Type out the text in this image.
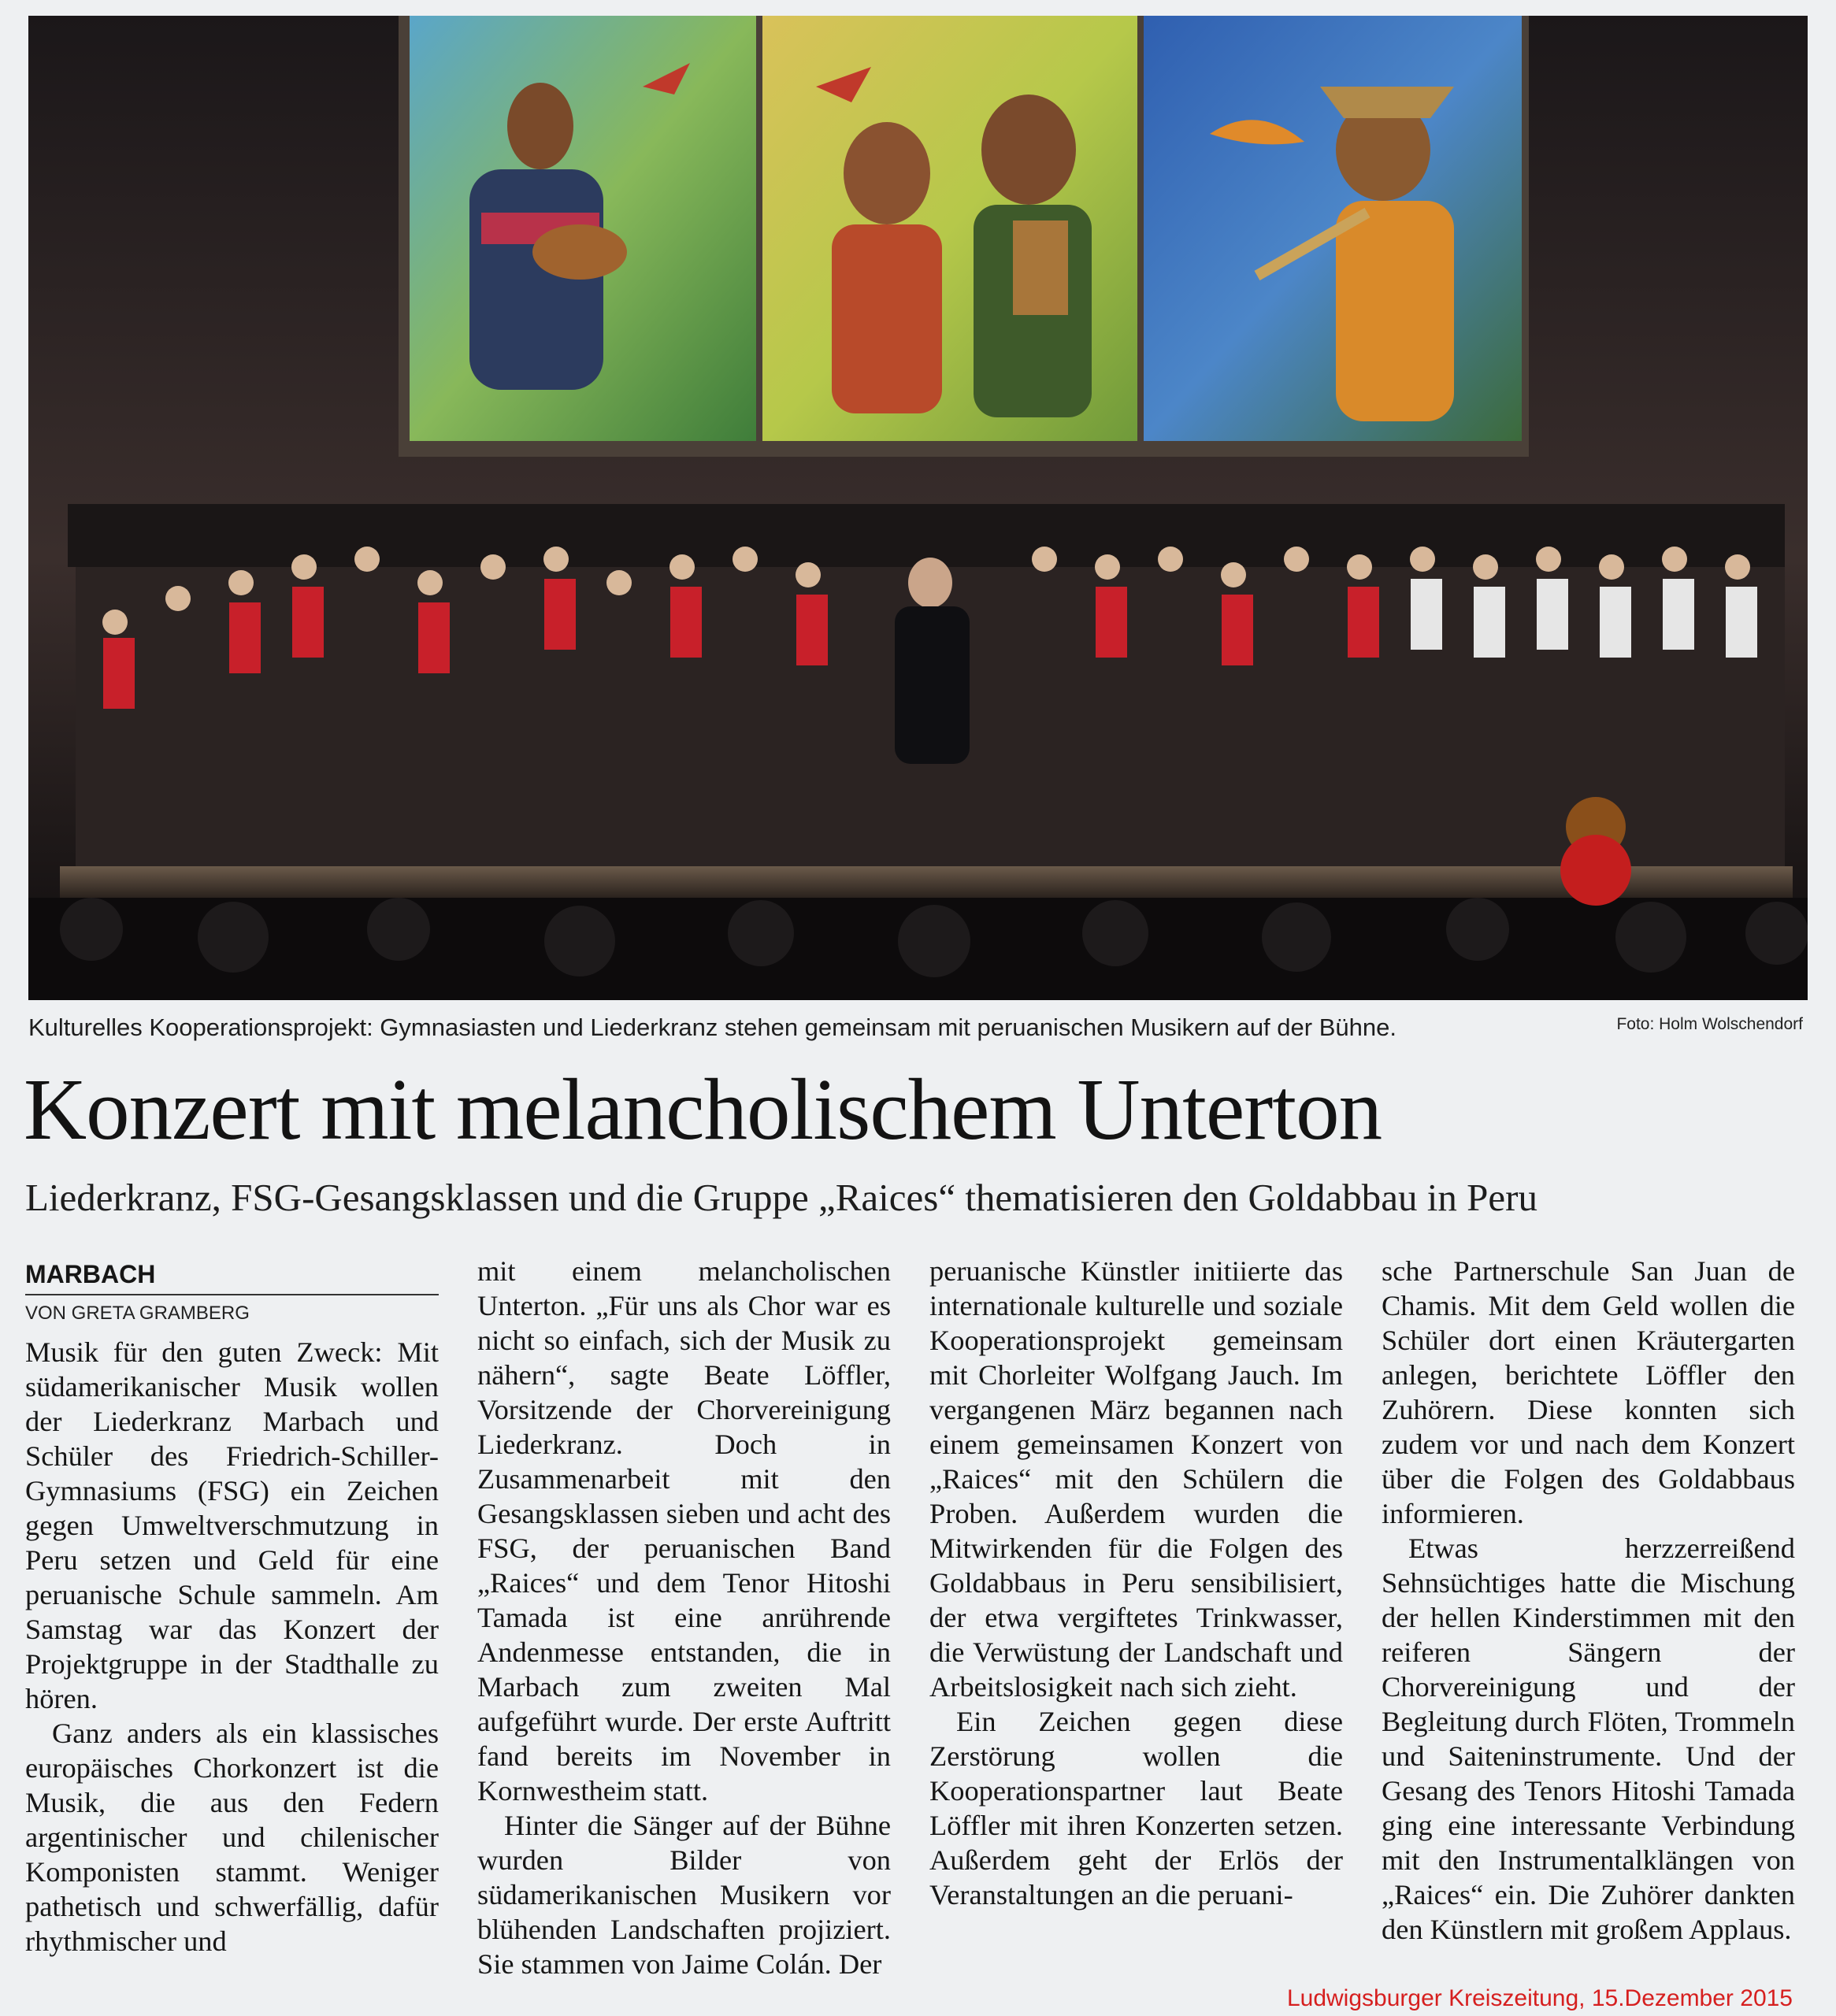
Kulturelles Kooperationsprojekt: Gymnasiasten und Liederkranz stehen gemeinsam mit peruanischen Musikern auf der Bühne.	Foto: Holm Wolschendorf
Konzert mit melancholischem Unterton
Liederkranz, FSG-Gesangsklassen und die Gruppe „Raices“ thematisieren den Goldabbau in Peru
MARBACH
VON GRETA GRAMBERG

Musik für den guten Zweck: Mit südamerikanischer Musik wollen der Liederkranz Marbach und Schüler des Friedrich-Schiller-Gymnasiums (FSG) ein Zeichen gegen Umweltverschmutzung in Peru setzen und Geld für eine peruanische Schule sammeln. Am Samstag war das Konzert der Projektgruppe in der Stadthalle zu hören.

Ganz anders als ein klassisches europäisches Chorkonzert ist die Musik, die aus den Federn argentinischer und chilenischer Komponisten stammt. Weniger pathetisch und schwerfällig, dafür rhythmischer und

mit einem melancholischen Unterton. „Für uns als Chor war es nicht so einfach, sich der Musik zu nähern“, sagte Beate Löffler, Vorsitzende der Chorvereinigung Liederkranz. Doch in Zusammenarbeit mit den Gesangsklassen sieben und acht des FSG, der peruanischen Band „Raices“ und dem Tenor Hitoshi Tamada ist eine anrührende Andenmesse entstanden, die in Marbach zum zweiten Mal aufgeführt wurde. Der erste Auftritt fand bereits im November in Kornwestheim statt.

Hinter die Sänger auf der Bühne wurden Bilder von südamerikanischen Musikern vor blühenden Landschaften projiziert. Sie stammen von Jaime Colán. Der

peruanische Künstler initiierte das internationale kulturelle und soziale Kooperationsprojekt gemeinsam mit Chorleiter Wolfgang Jauch. Im vergangenen März begannen nach einem gemeinsamen Konzert von „Raices“ mit den Schülern die Proben. Außerdem wurden die Mitwirkenden für die Folgen des Goldabbaus in Peru sensibilisiert, der etwa vergiftetes Trinkwasser, die Verwüstung der Landschaft und Arbeitslosigkeit nach sich zieht.

Ein Zeichen gegen diese Zerstörung wollen die Kooperationspartner laut Beate Löffler mit ihren Konzerten setzen. Außerdem geht der Erlös der Veranstaltungen an die peruani-

sche Partnerschule San Juan de Chamis. Mit dem Geld wollen die Schüler dort einen Kräutergarten anlegen, berichtete Löffler den Zuhörern. Diese konnten sich zudem vor und nach dem Konzert über die Folgen des Goldabbaus informieren.

Etwas herzzerreißend Sehnsüchtiges hatte die Mischung der hellen Kinderstimmen mit den reiferen Sängern der Chorvereinigung und der Begleitung durch Flöten, Trommeln und Saiteninstrumente. Und der Gesang des Tenors Hitoshi Tamada ging eine interessante Verbindung mit den Instrumentalklängen von „Raices“ ein. Die Zuhörer dankten den Künstlern mit großem Applaus.

Ludwigsburger Kreiszeitung, 15.Dezember 2015
